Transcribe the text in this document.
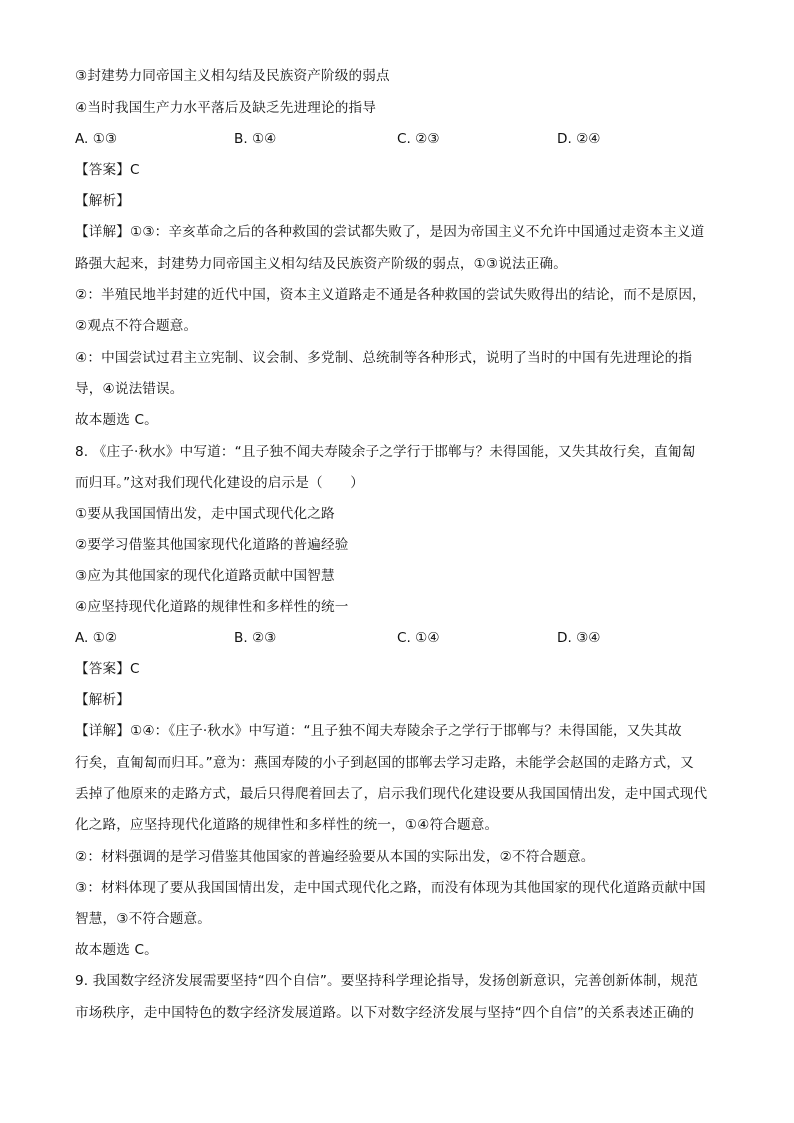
③封建势力同帝国主义相勾结及民族资产阶级的弱点
④当时我国生产力水平落后及缺乏先进理论的指导
A. ①③	B. ①④	C. ②③	D. ②④
【答案】C
【解析】
【详解】①③：辛亥革命之后的各种救国的尝试都失败了，是因为帝国主义不允许中国通过走资本主义道
路强大起来，封建势力同帝国主义相勾结及民族资产阶级的弱点，①③说法正确。
②：半殖民地半封建的近代中国，资本主义道路走不通是各种救国的尝试失败得出的结论，而不是原因，
②观点不符合题意。
④：中国尝试过君主立宪制、议会制、多党制、总统制等各种形式，说明了当时的中国有先进理论的指
导，④说法错误。
故本题选 C。
8. 《庄子·秋水》中写道：“且子独不闻夫寿陵余子之学行于邯郸与？未得国能，又失其故行矣，直匍匐
而归耳。”这对我们现代化建设的启示是（　　）
①要从我国国情出发，走中国式现代化之路
②要学习借鉴其他国家现代化道路的普遍经验
③应为其他国家的现代化道路贡献中国智慧
④应坚持现代化道路的规律性和多样性的统一
A. ①②	B. ②③	C. ①④	D. ③④
【答案】C
【解析】
【详解】①④：《庄子·秋水》中写道：“且子独不闻夫寿陵余子之学行于邯郸与？未得国能，又失其故
行矣，直匍匐而归耳。”意为：燕国寿陵的小子到赵国的邯郸去学习走路，未能学会赵国的走路方式，又
丢掉了他原来的走路方式，最后只得爬着回去了，启示我们现代化建设要从我国国情出发，走中国式现代
化之路，应坚持现代化道路的规律性和多样性的统一，①④符合题意。
②：材料强调的是学习借鉴其他国家的普遍经验要从本国的实际出发，②不符合题意。
③：材料体现了要从我国国情出发，走中国式现代化之路，而没有体现为其他国家的现代化道路贡献中国
智慧，③不符合题意。
故本题选 C。
9. 我国数字经济发展需要坚持“四个自信”。要坚持科学理论指导，发扬创新意识，完善创新体制，规范
市场秩序，走中国特色的数字经济发展道路。以下对数字经济发展与坚持“四个自信”的关系表述正确的
